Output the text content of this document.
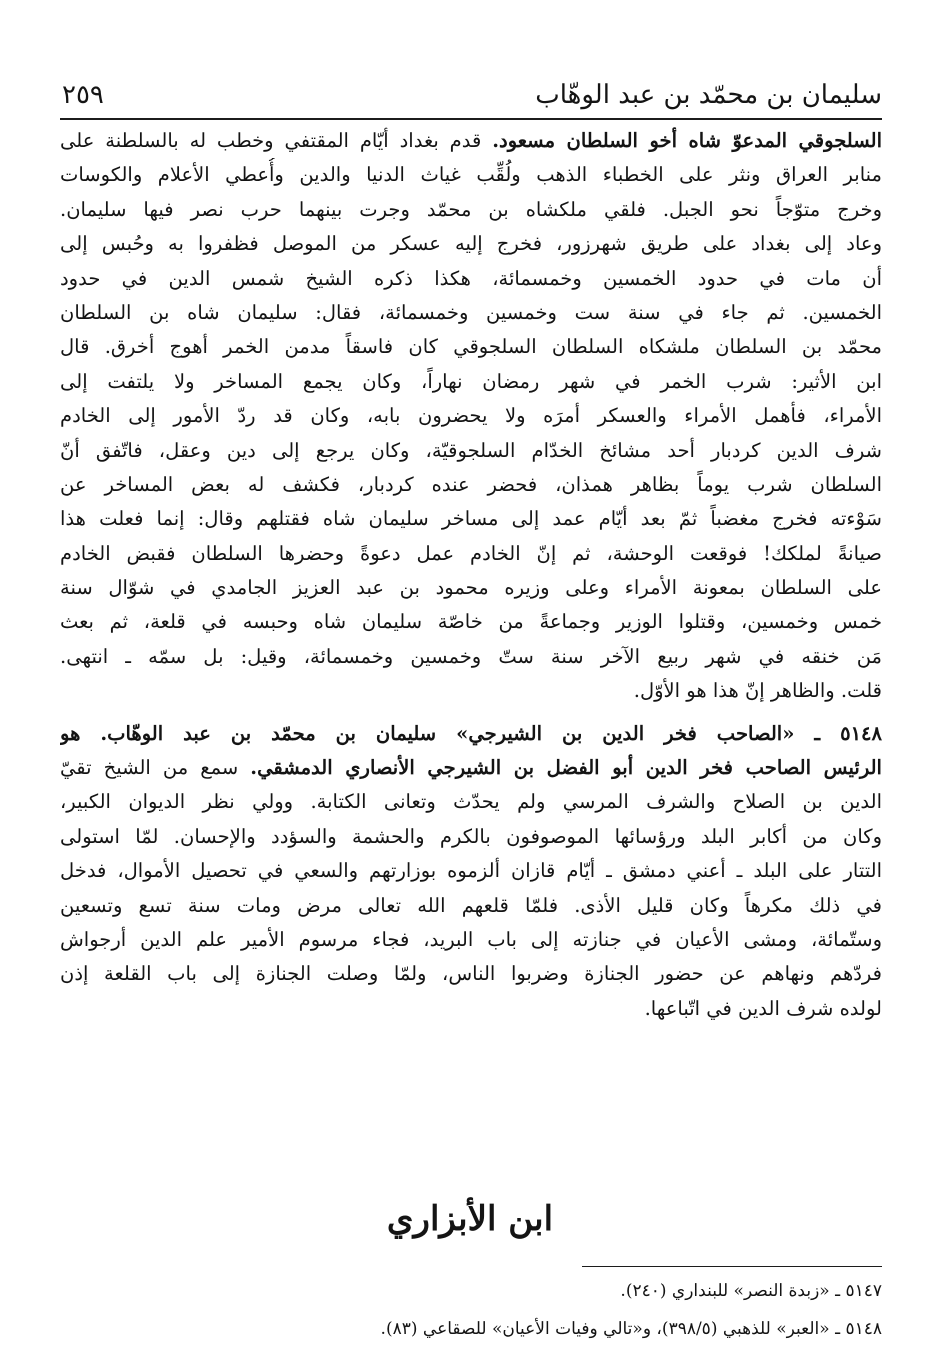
سليمان بن محمّد بن عبد الوهّاب
٢٥٩
السلجوقي المدعوّ شاه أخو السلطان مسعود. قدم بغداد أيّام المقتفي وخطب له بالسلطنة على
منابر العراق ونثر على الخطباء الذهب ولُقِّب غياث الدنيا والدين وأُعطي الأعلام والكوسات
وخرج متوّجاً نحو الجبل. فلقي ملكشاه بن محمّد وجرت بينهما حرب نصر فيها سليمان.
وعاد إلى بغداد على طريق شهرزور، فخرج إليه عسكر من الموصل فظفروا به وحُبس إلى
أن مات في حدود الخمسين وخمسمائة، هكذا ذكره الشيخ شمس الدين في حدود
الخمسين. ثم جاء في سنة ست وخمسين وخمسمائة، فقال: سليمان شاه بن السلطان
محمّد بن السلطان ملشكاه السلطان السلجوقي كان فاسقاً مدمن الخمر أهوج أخرق. قال
ابن الأثير: شرب الخمر في شهر رمضان نهاراً، وكان يجمع المساخر ولا يلتفت إلى
الأمراء، فأهمل الأمراء والعسكر أمرَه ولا يحضرون بابه، وكان قد ردّ الأمور إلى الخادم
شرف الدين كردبار أحد مشائخ الخدّام السلجوقيّة، وكان يرجع إلى دين وعقل، فاتّفق أنّ
السلطان شرب يوماً بظاهر همذان، فحضر عنده كردبار، فكشف له بعض المساخر عن
سَوْءته فخرج مغضباً ثمّ بعد أيّام عمد إلى مساخر سليمان شاه فقتلهم وقال: إنما فعلت هذا
صيانةً لملكك! فوقعت الوحشة، ثم إنّ الخادم عمل دعوةً وحضرها السلطان فقبض الخادم
على السلطان بمعونة الأمراء وعلى وزيره محمود بن عبد العزيز الجامدي في شوّال سنة
خمس وخمسين، وقتلوا الوزير وجماعةً من خاصّة سليمان شاه وحبسه في قلعة، ثم بعث
مَن خنقه في شهر ربيع الآخر سنة ستّ وخمسين وخمسمائة، وقيل: بل سمّه ـ انتهى.
قلت. والظاهر إنّ هذا هو الأوّل.
٥١٤٨ ـ «الصاحب فخر الدين بن الشيرجي» سليمان بن محمّد بن عبد الوهّاب. هو
الرئيس الصاحب فخر الدين أبو الفضل بن الشيرجي الأنصاري الدمشقي. سمع من الشيخ تقيّ
الدين بن الصلاح والشرف المرسي ولم يحدّث وتعانى الكتابة. وولي نظر الديوان الكبير،
وكان من أكابر البلد ورؤسائها الموصوفون بالكرم والحشمة والسؤدد والإحسان. لمّا استولى
التتار على البلد ـ أعني دمشق ـ أيّام قازان ألزموه بوزارتهم والسعي في تحصيل الأموال، فدخل
في ذلك مكرهاً وكان قليل الأذى. فلمّا قلعهم الله تعالى مرض ومات سنة تسع وتسعين
وستّمائة، ومشى الأعيان في جنازته إلى باب البريد، فجاء مرسوم الأمير علم الدين أرجواش
فردّهم ونهاهم عن حضور الجنازة وضربوا الناس، ولمّا وصلت الجنازة إلى باب القلعة إذن
لولده شرف الدين في اتّباعها.
ابن الأبزاري
٥١٤٧ ـ «زبدة النصر» للبنداري (٢٤٠).
٥١٤٨ ـ «العبر» للذهبي (٣٩٨/٥)، و«تالي وفيات الأعيان» للصقاعي (٨٣).
